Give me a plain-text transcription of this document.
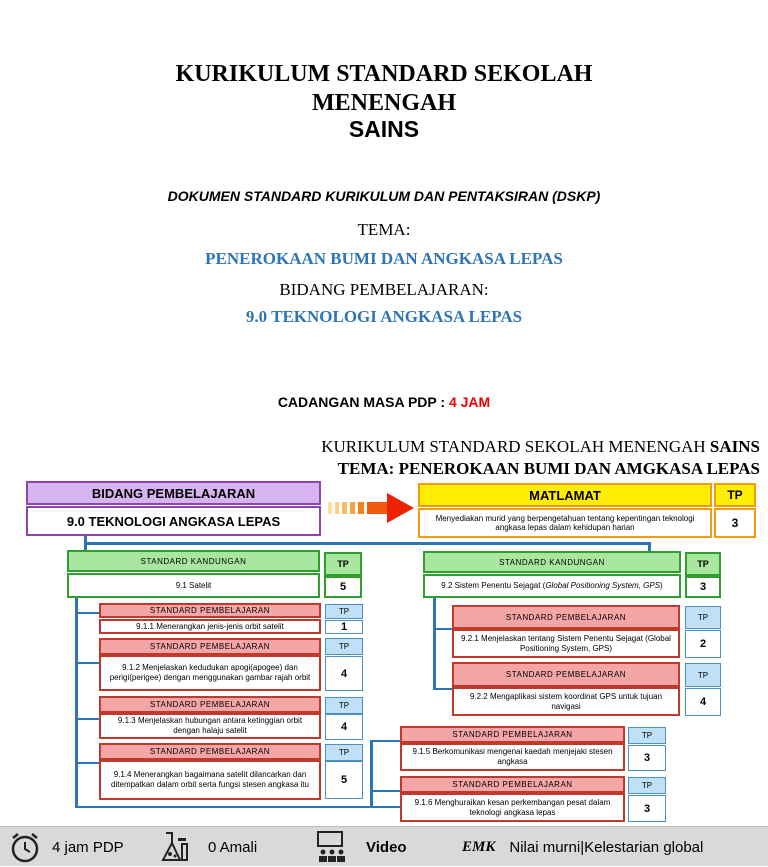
KURIKULUM STANDARD SEKOLAH
MENENGAH
SAINS
DOKUMEN STANDARD KURIKULUM DAN PENTAKSIRAN (DSKP)
TEMA:
PENEROKAAN BUMI DAN ANGKASA LEPAS
BIDANG PEMBELAJARAN:
9.0 TEKNOLOGI ANGKASA LEPAS
CADANGAN MASA PDP : 4 JAM
KURIKULUM STANDARD SEKOLAH MENENGAH SAINS
TEMA: PENEROKAAN BUMI DAN AMGKASA LEPAS
BIDANG PEMBELAJARAN
9.0 TEKNOLOGI ANGKASA LEPAS
MATLAMAT	TP
Menyediakan murid yang berpengetahuan tentang kepentingan teknologi angkasa lepas dalam kehidupan harian	3
STANDARD KANDUNGAN
9.1 Satelit
TP
5
STANDARD KANDUNGAN
9.2 Sistem Penentu Sejagat (Global Positioning System, GPS)
TP
3
STANDARD PEMBELAJARAN
9.1.1 Menerangkan jenis-jenis orbit satelit
TP
1
STANDARD PEMBELAJARAN
9.1.2 Menjelaskan kedudukan apogi(apogee) dan perigi(perigee) dengan menggunakan gambar rajah orbit
TP
4
STANDARD PEMBELAJARAN
9.1.3 Menjelaskan hubungan antara ketinggian orbit dengan halaju satelit
TP
4
STANDARD PEMBELAJARAN
9.1.4 Menerangkan bagaimana satelit dilancarkan dan ditempatkan dalam orbit serta fungsi stesen angkasa itu
TP
5
STANDARD PEMBELAJARAN
9.2.1 Menjelaskan tentang Sistem Penentu Sejagat (Global Positioning System, GPS)
TP
2
STANDARD PEMBELAJARAN
9.2.2 Mengaplikasi sistem koordinat GPS untuk tujuan navigasi
TP
4
STANDARD PEMBELAJARAN
9.1.5 Berkomunikasi mengenai kaedah menjejaki stesen angkasa
TP
3
STANDARD PEMBELAJARAN
9.1.6 Menghuraikan kesan perkembangan pesat dalam teknologi angkasa lepas
TP
3
4 jam PDP	0 Amali	Video	EMK Nilai murni|Kelestarian global
